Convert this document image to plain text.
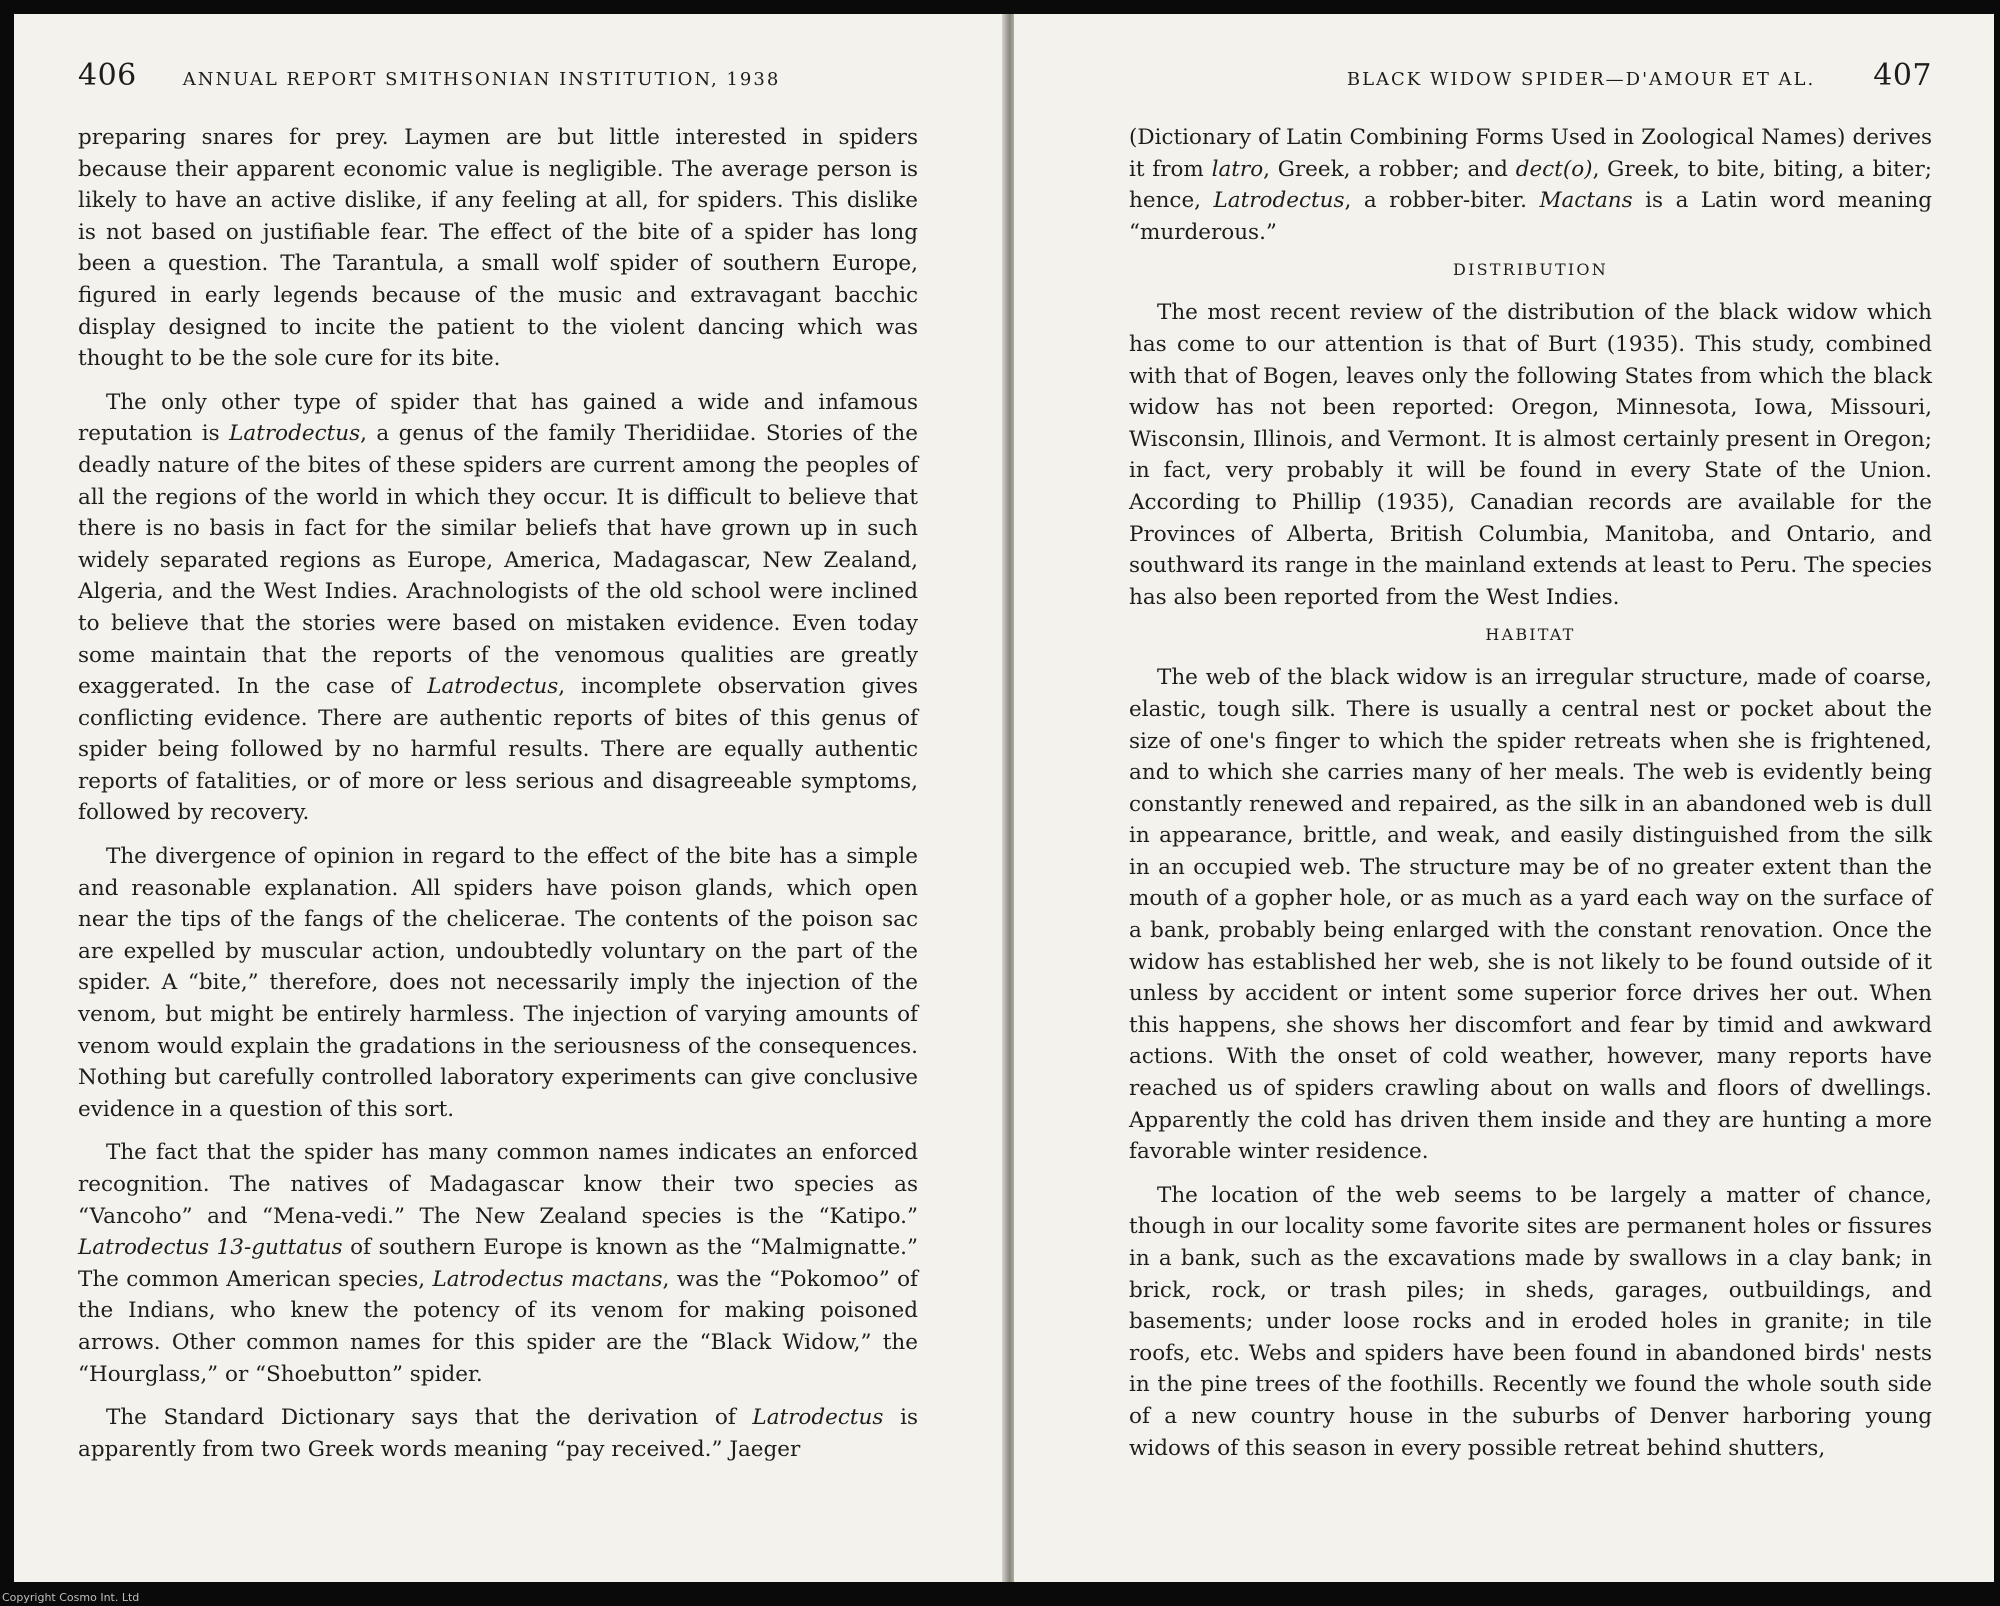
406	ANNUAL REPORT SMITHSONIAN INSTITUTION, 1938

preparing snares for prey. Laymen are but little interested in spiders because their apparent economic value is negligible. The average person is likely to have an active dislike, if any feeling at all, for spiders. This dislike is not based on justifiable fear. The effect of the bite of a spider has long been a question. The Tarantula, a small wolf spider of southern Europe, figured in early legends because of the music and extravagant bacchic display designed to incite the patient to the violent dancing which was thought to be the sole cure for its bite.

The only other type of spider that has gained a wide and infamous reputation is Latrodectus, a genus of the family Theridiidae. Stories of the deadly nature of the bites of these spiders are current among the peoples of all the regions of the world in which they occur. It is difficult to believe that there is no basis in fact for the similar beliefs that have grown up in such widely separated regions as Europe, America, Madagascar, New Zealand, Algeria, and the West Indies. Arachnologists of the old school were inclined to believe that the stories were based on mistaken evidence. Even today some maintain that the reports of the venomous qualities are greatly exaggerated. In the case of Latrodectus, incomplete observation gives conflicting evidence. There are authentic reports of bites of this genus of spider being followed by no harmful results. There are equally authentic reports of fatalities, or of more or less serious and disagreeable symptoms, followed by recovery.

The divergence of opinion in regard to the effect of the bite has a simple and reasonable explanation. All spiders have poison glands, which open near the tips of the fangs of the chelicerae. The contents of the poison sac are expelled by muscular action, undoubtedly voluntary on the part of the spider. A “bite,” therefore, does not necessarily imply the injection of the venom, but might be entirely harmless. The injection of varying amounts of venom would explain the gradations in the seriousness of the consequences. Nothing but carefully controlled laboratory experiments can give conclusive evidence in a question of this sort.

The fact that the spider has many common names indicates an enforced recognition. The natives of Madagascar know their two species as “Vancoho” and “Mena-vedi.” The New Zealand species is the “Katipo.” Latrodectus 13-guttatus of southern Europe is known as the “Malmignatte.” The common American species, Latrodectus mactans, was the “Pokomoo” of the Indians, who knew the potency of its venom for making poisoned arrows. Other common names for this spider are the “Black Widow,” the “Hourglass,” or “Shoebutton” spider.

The Standard Dictionary says that the derivation of Latrodectus is apparently from two Greek words meaning “pay received.” Jaeger

BLACK WIDOW SPIDER—D'AMOUR ET AL. 407

(Dictionary of Latin Combining Forms Used in Zoological Names) derives it from latro, Greek, a robber; and dect(o), Greek, to bite, biting, a biter; hence, Latrodectus, a robber-biter. Mactans is a Latin word meaning “murderous.”

DISTRIBUTION

The most recent review of the distribution of the black widow which has come to our attention is that of Burt (1935). This study, combined with that of Bogen, leaves only the following States from which the black widow has not been reported: Oregon, Minnesota, Iowa, Missouri, Wisconsin, Illinois, and Vermont. It is almost certainly present in Oregon; in fact, very probably it will be found in every State of the Union. According to Phillip (1935), Canadian records are available for the Provinces of Alberta, British Columbia, Manitoba, and Ontario, and southward its range in the mainland extends at least to Peru. The species has also been reported from the West Indies.

HABITAT

The web of the black widow is an irregular structure, made of coarse, elastic, tough silk. There is usually a central nest or pocket about the size of one's finger to which the spider retreats when she is frightened, and to which she carries many of her meals. The web is evidently being constantly renewed and repaired, as the silk in an abandoned web is dull in appearance, brittle, and weak, and easily distinguished from the silk in an occupied web. The structure may be of no greater extent than the mouth of a gopher hole, or as much as a yard each way on the surface of a bank, probably being enlarged with the constant renovation. Once the widow has established her web, she is not likely to be found outside of it unless by accident or intent some superior force drives her out. When this happens, she shows her discomfort and fear by timid and awkward actions. With the onset of cold weather, however, many reports have reached us of spiders crawling about on walls and floors of dwellings. Apparently the cold has driven them inside and they are hunting a more favorable winter residence.

The location of the web seems to be largely a matter of chance, though in our locality some favorite sites are permanent holes or fissures in a bank, such as the excavations made by swallows in a clay bank; in brick, rock, or trash piles; in sheds, garages, outbuildings, and basements; under loose rocks and in eroded holes in granite; in tile roofs, etc. Webs and spiders have been found in abandoned birds' nests in the pine trees of the foothills. Recently we found the whole south side of a new country house in the suburbs of Denver harboring young widows of this season in every possible retreat behind shutters,

Copyright Cosmo Int. Ltd
